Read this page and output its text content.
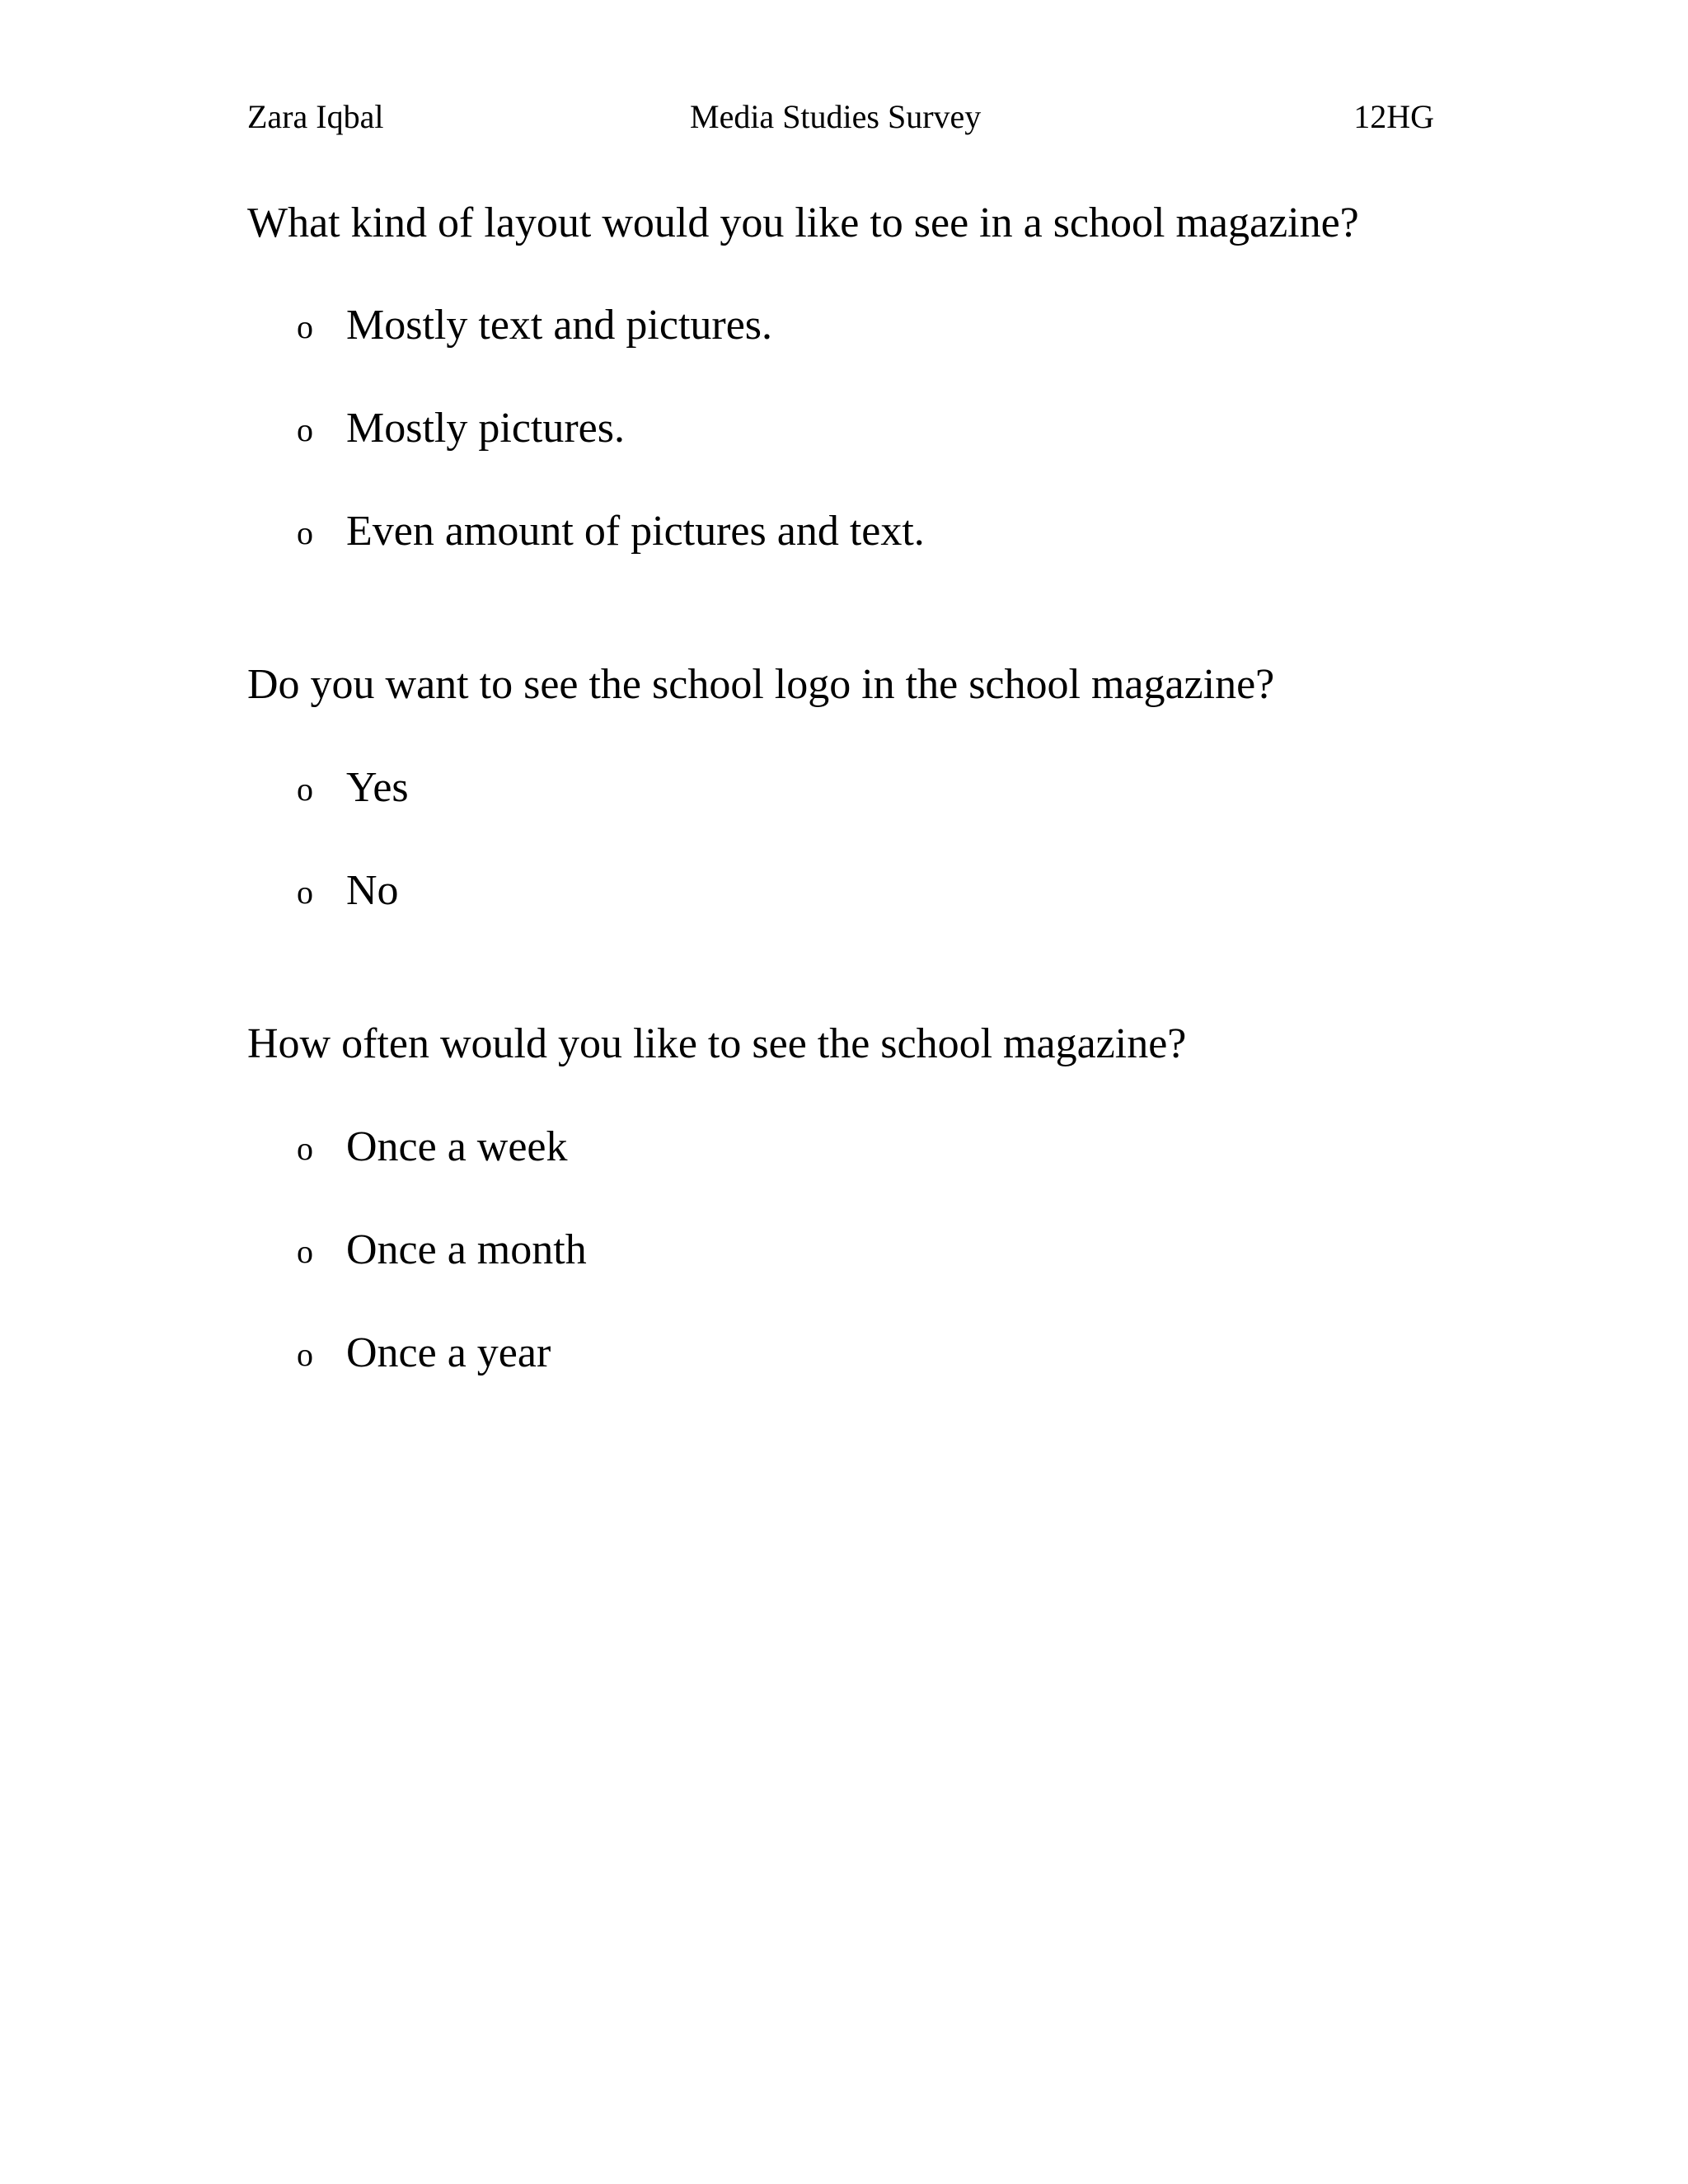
Zara Iqbal	Media Studies Survey	12HG

What kind of layout would you like to see in a school magazine?

o Mostly text and pictures.
o Mostly pictures.
o Even amount of pictures and text.

Do you want to see the school logo in the school magazine?

o Yes
o No

How often would you like to see the school magazine?

o Once a week
o Once a month
o Once a year
